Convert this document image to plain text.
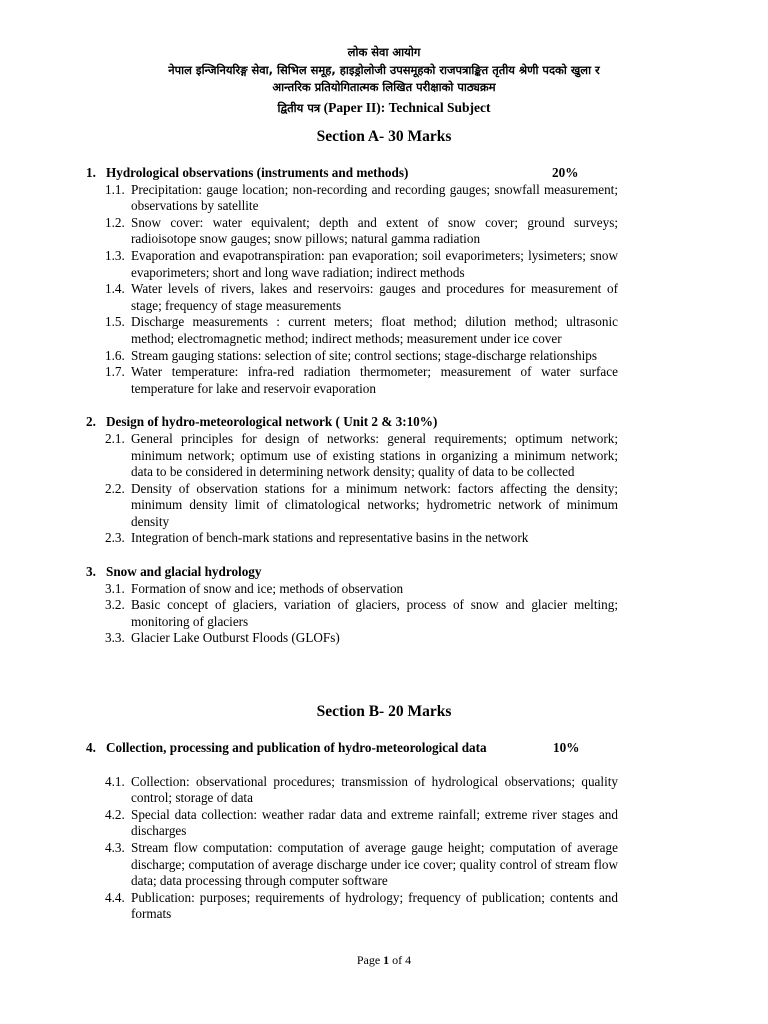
लोक सेवा आयोग
नेपाल इन्जिनियरिङ्ग सेवा, सिभिल समूह, हाइड्रोलोजी उपसमूहको राजपत्राङ्कित तृतीय श्रेणी पदको खुला र
आन्तरिक प्रतियोगितात्मक लिखित परीक्षाको पाठ्यक्रम
द्वितीय पत्र (Paper II): Technical Subject
Section A- 30 Marks
1. Hydrological observations (instruments and methods)	20%
1.1. Precipitation: gauge location; non-recording and recording gauges; snowfall measurement; observations by satellite
1.2. Snow cover: water equivalent; depth and extent of snow cover; ground surveys; radioisotope snow gauges; snow pillows; natural gamma radiation
1.3. Evaporation and evapotranspiration: pan evaporation; soil evaporimeters; lysimeters; snow evaporimeters; short and long wave radiation; indirect methods
1.4. Water levels of rivers, lakes and reservoirs: gauges and procedures for measurement of stage; frequency of stage measurements
1.5. Discharge measurements : current meters; float method; dilution method; ultrasonic method; electromagnetic method; indirect methods; measurement under ice cover
1.6. Stream gauging stations: selection of site; control sections; stage-discharge relationships
1.7. Water temperature: infra-red radiation thermometer; measurement of water surface temperature for lake and reservoir evaporation
2. Design of hydro-meteorological network ( Unit 2 & 3:10%)
2.1. General principles for design of networks: general requirements; optimum network; minimum network; optimum use of existing stations in organizing a minimum network; data to be considered in determining network density; quality of data to be collected
2.2. Density of observation stations for a minimum network: factors affecting the density; minimum density limit of climatological networks; hydrometric network of minimum density
2.3. Integration of bench-mark stations and representative basins in the network
3. Snow and glacial hydrology
3.1. Formation of snow and ice; methods of observation
3.2. Basic concept of glaciers, variation of glaciers, process of snow and glacier melting; monitoring of glaciers
3.3. Glacier Lake Outburst Floods (GLOFs)
Section B- 20 Marks
4. Collection, processing and publication of hydro-meteorological data	10%
4.1. Collection: observational procedures; transmission of hydrological observations; quality control; storage of data
4.2. Special data collection: weather radar data and extreme rainfall; extreme river stages and discharges
4.3. Stream flow computation: computation of average gauge height; computation of average discharge; computation of average discharge under ice cover; quality control of stream flow data; data processing through computer software
4.4. Publication: purposes; requirements of hydrology; frequency of publication; contents and formats
Page 1 of 4
